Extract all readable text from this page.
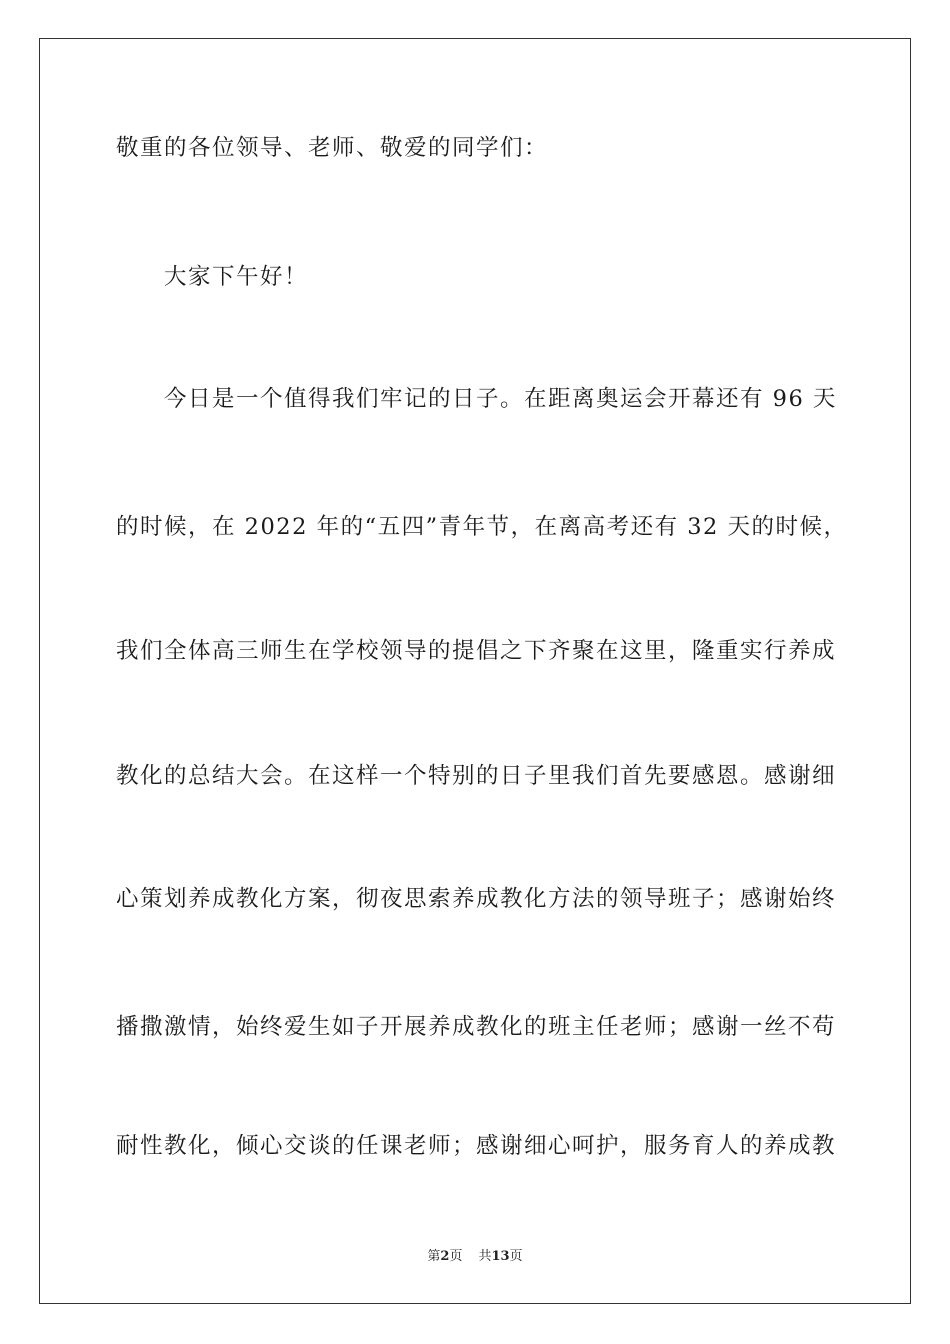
敬重的各位领导、老师、敬爱的同学们：
大家下午好！
今日是一个值得我们牢记的日子。在距离奥运会开幕还有 96 天
的时候，在 2022 年的“五四”青年节，在离高考还有 32 天的时候，
我们全体高三师生在学校领导的提倡之下齐聚在这里，隆重实行养成
教化的总结大会。在这样一个特别的日子里我们首先要感恩。感谢细
心策划养成教化方案，彻夜思索养成教化方法的领导班子；感谢始终
播撒激情，始终爱生如子开展养成教化的班主任老师；感谢一丝不苟
耐性教化，倾心交谈的任课老师；感谢细心呵护，服务育人的养成教
第2页 共13页
